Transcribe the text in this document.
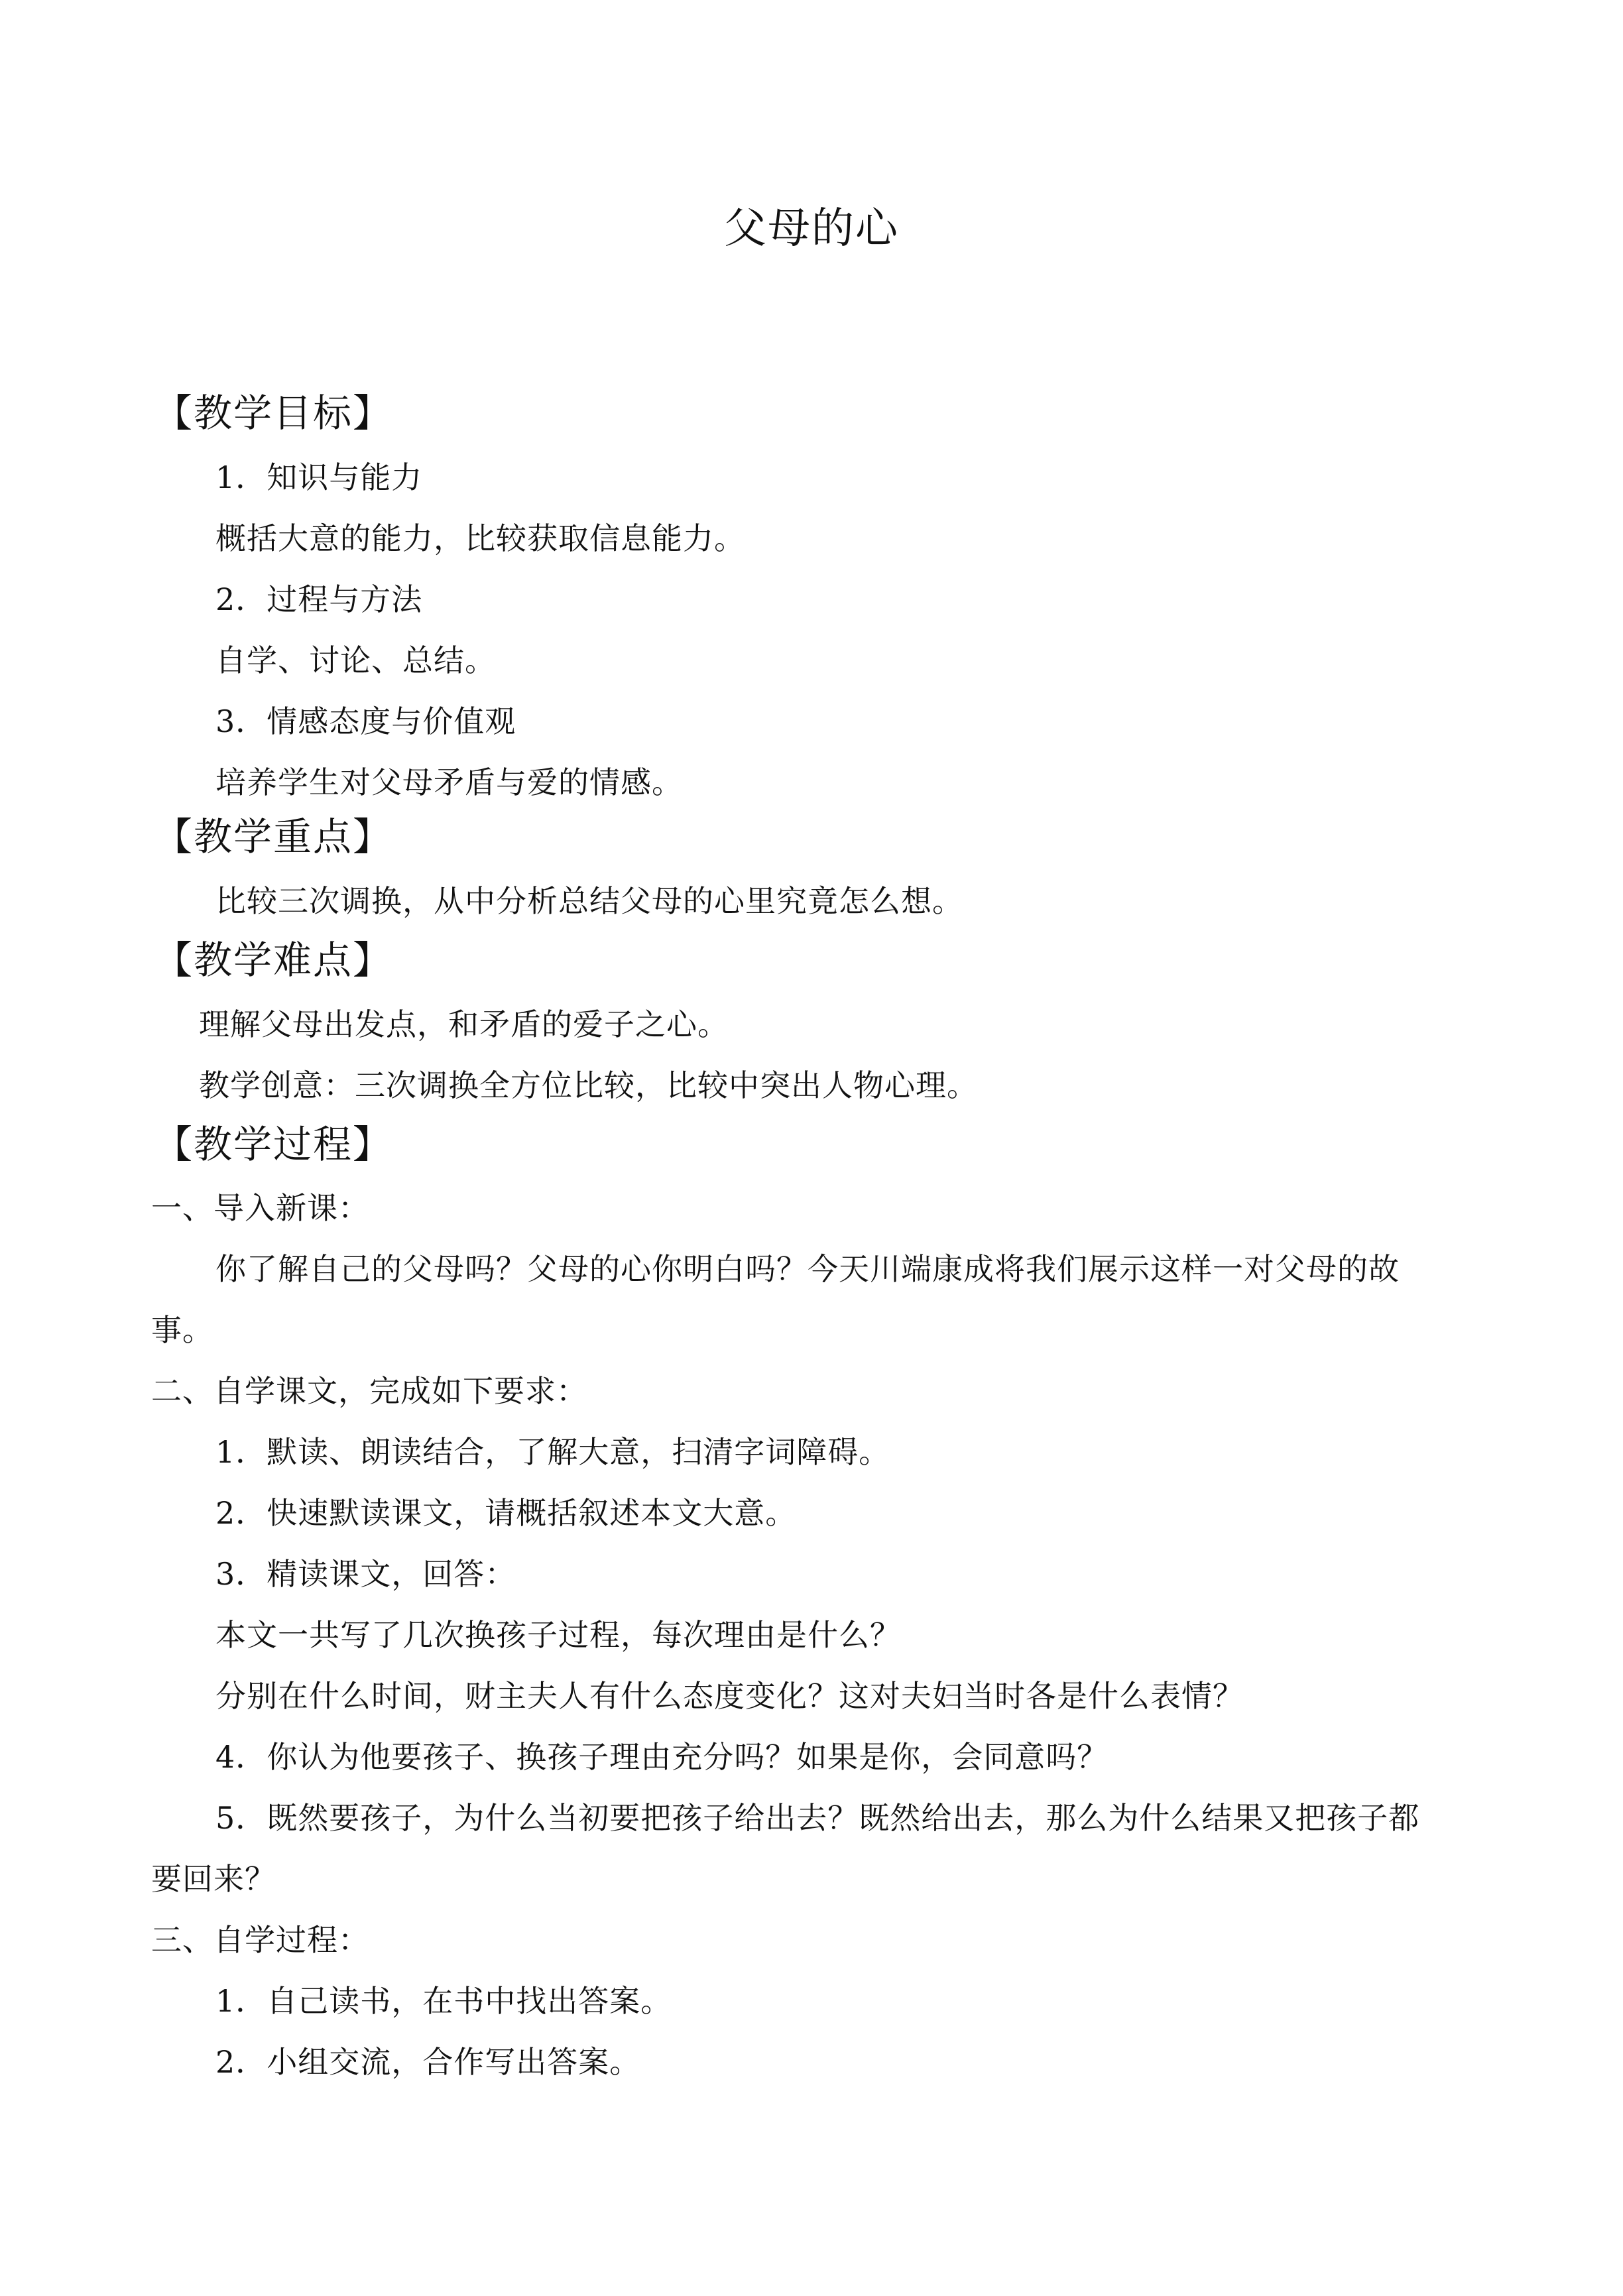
父母的心
【教学目标】
1．知识与能力
概括大意的能力，比较获取信息能力。
2．过程与方法
自学、讨论、总结。
3．情感态度与价值观
培养学生对父母矛盾与爱的情感。
【教学重点】
比较三次调换，从中分析总结父母的心里究竟怎么想。
【教学难点】
理解父母出发点，和矛盾的爱子之心。
教学创意：三次调换全方位比较，比较中突出人物心理。
【教学过程】
一、导入新课：
你了解自己的父母吗？父母的心你明白吗？今天川端康成将我们展示这样一对父母的故
事。
二、自学课文，完成如下要求：
1．默读、朗读结合，了解大意，扫清字词障碍。
2．快速默读课文，请概括叙述本文大意。
3．精读课文，回答：
本文一共写了几次换孩子过程，每次理由是什么？
分别在什么时间，财主夫人有什么态度变化？这对夫妇当时各是什么表情？
4．你认为他要孩子、换孩子理由充分吗？如果是你，会同意吗？
5．既然要孩子，为什么当初要把孩子给出去？既然给出去，那么为什么结果又把孩子都
要回来？
三、自学过程：
1．自己读书，在书中找出答案。
2．小组交流，合作写出答案。
